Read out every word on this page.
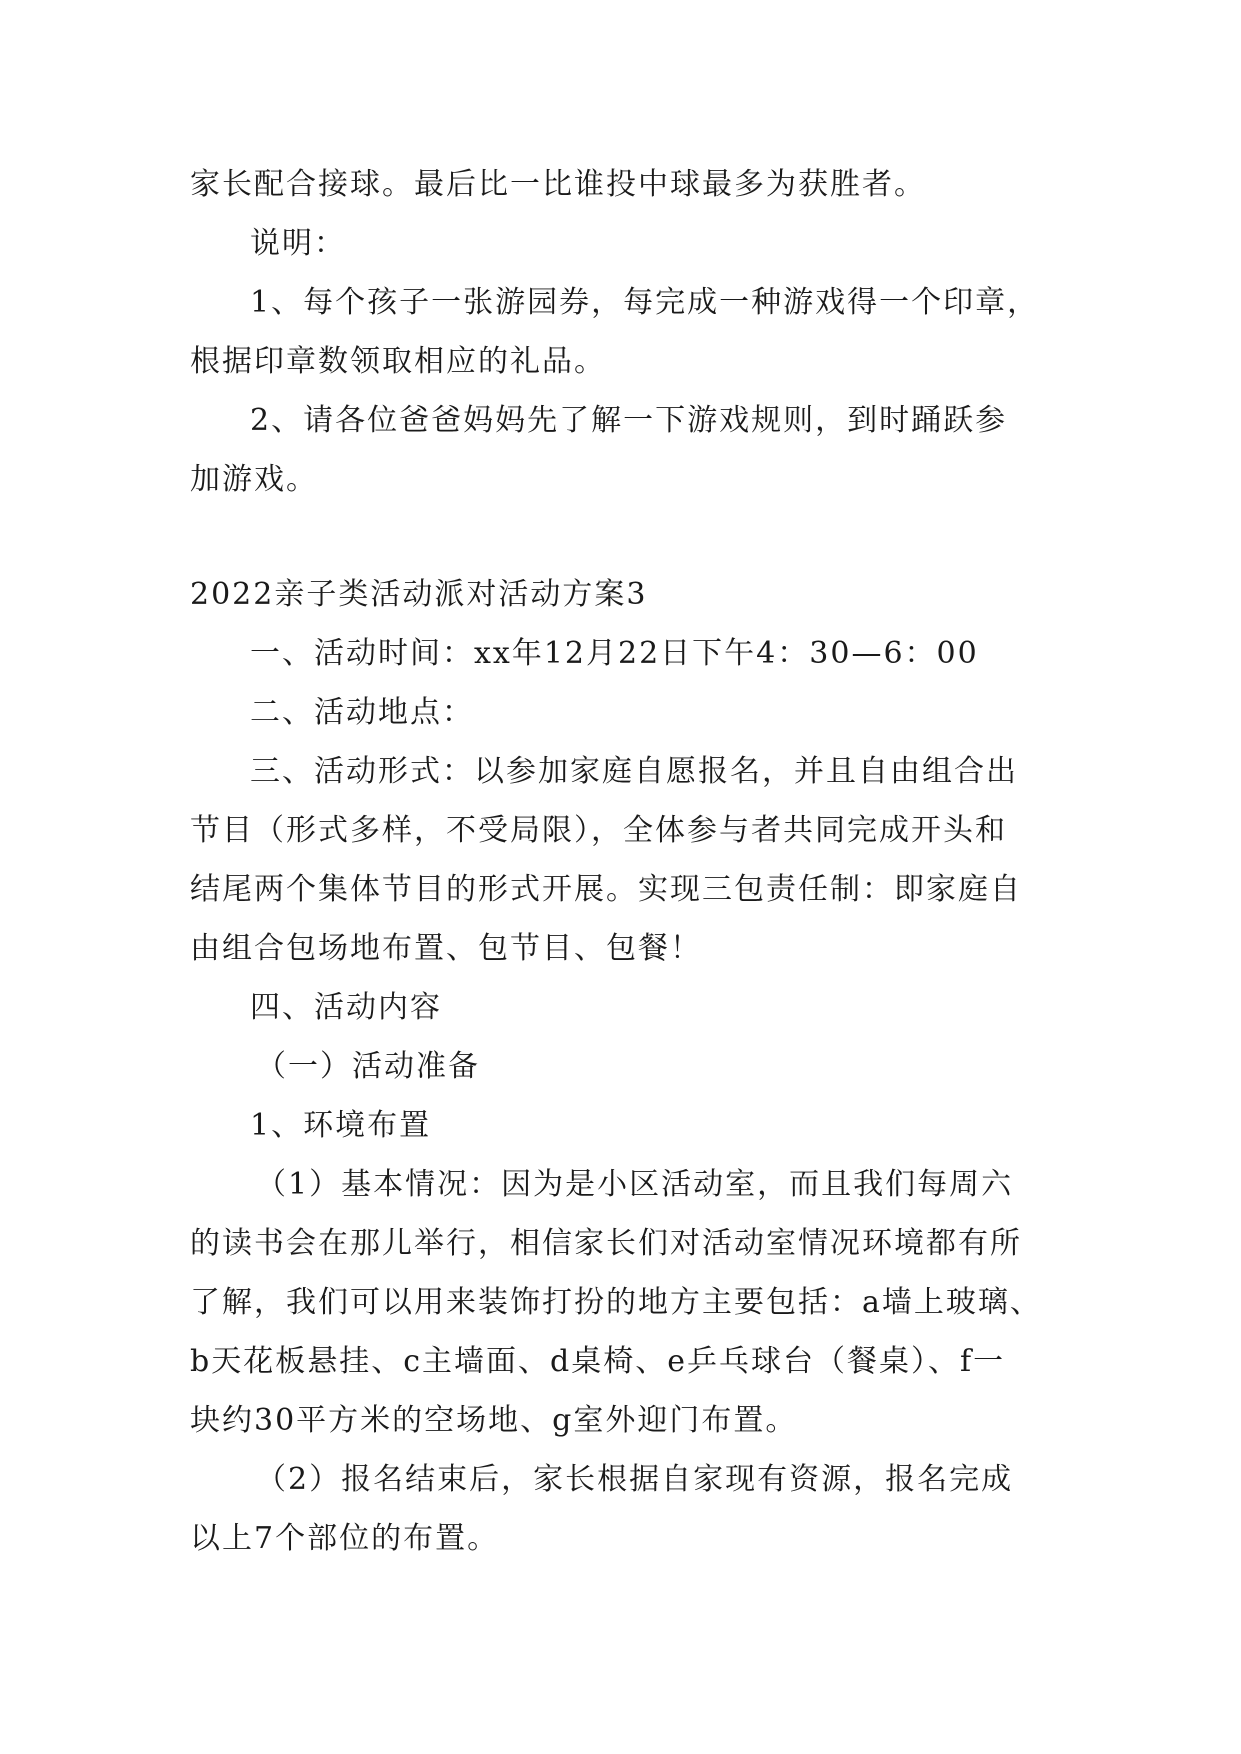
家长配合接球。最后比一比谁投中球最多为获胜者。
说明：
1、每个孩子一张游园券，每完成一种游戏得一个印章，
根据印章数领取相应的礼品。
2、请各位爸爸妈妈先了解一下游戏规则，到时踊跃参
加游戏。
2022亲子类活动派对活动方案3
一、活动时间：xx年12月22日下午4：30—6：00
二、活动地点：
三、活动形式：以参加家庭自愿报名，并且自由组合出
节目（形式多样，不受局限），全体参与者共同完成开头和
结尾两个集体节目的形式开展。实现三包责任制：即家庭自
由组合包场地布置、包节目、包餐！
四、活动内容
（一）活动准备
1、环境布置
（1）基本情况：因为是小区活动室，而且我们每周六
的读书会在那儿举行，相信家长们对活动室情况环境都有所
了解，我们可以用来装饰打扮的地方主要包括：a墙上玻璃、
b天花板悬挂、c主墙面、d桌椅、e乒乓球台（餐桌）、f一
块约30平方米的空场地、g室外迎门布置。
（2）报名结束后，家长根据自家现有资源，报名完成
以上7个部位的布置。
